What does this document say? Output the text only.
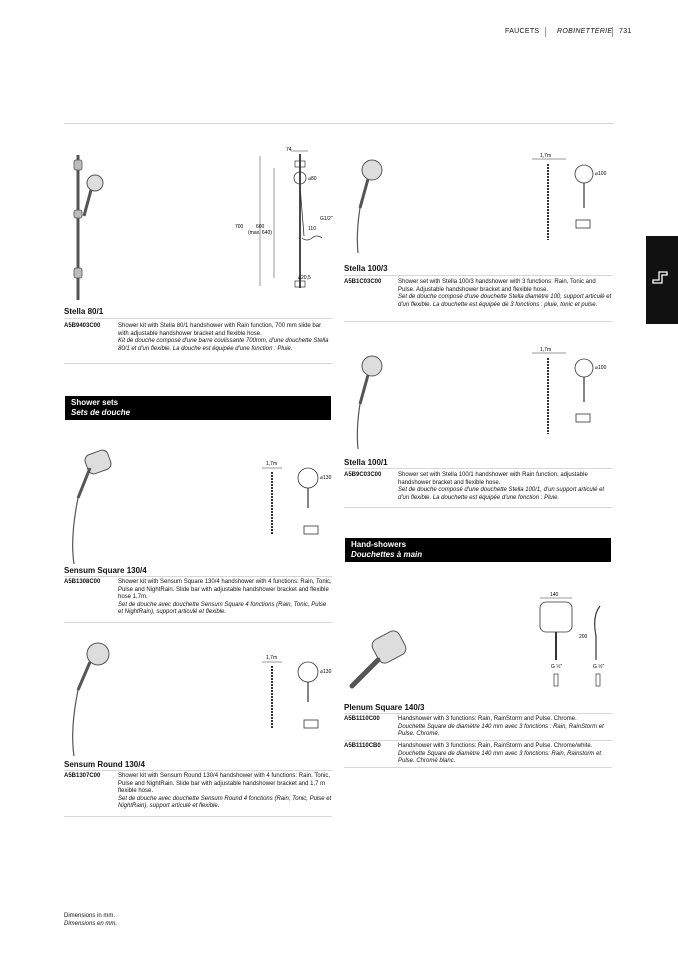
FAUCETS	ROBINETTERIE 731
74
⌀80
700	600
(max. 640)
G1/2"
110
⌀20,5
Stella 80/1
A5B9403C00	Shower kit with Stella 80/1 handshower with Rain function, 700 mm slide bar with adjustable handshower bracket and flexible hose.
Kit de douche composé d'une barre coulissante 700mm, d'une douchette Stella 80/1 et d'un flexible. La douche est équipée d'une fonction : Pluie.
Shower sets
Sets de douche
1,7m
⌀130
Sensum Square 130/4
A5B1308C00	Shower kit with Sensum Square 130/4 handshower with 4 functions: Rain, Tonic, Pulse and NightRain. Slide bar with adjustable handshower bracket and flexible hose 1,7m.
Set de douche avec douchette Sensum Square 4 fonctions (Rain, Tonic, Pulse et NightRain), support articulé et flexible.
1,7m
⌀130
Sensum Round 130/4
A5B1307C00	Shower kit with Sensum Round 130/4 handshower with 4 functions: Rain, Tonic, Pulse and NightRain. Slide bar with adjustable handshower bracket and 1,7 m flexible hose.
Set de douche avec douchette Sensum Round 4 fonctions (Rain, Tonic, Pulse et NightRain), support articulé et flexible.
1,7m
⌀100
Stella 100/3
A5B1C03C00	Shower set with Stella 100/3 handshower with 3 functions: Rain, Tonic and Pulse. Adjustable handshower bracket and flexible hose.
Set de douche composé d'une douchette Stella diamètre 100, support articulé et d'un flexible. La douchette est équipée de 3 fonctions : pluie, tonic et pulse.
1,7m
⌀100
Stella 100/1
A5B9C03C00	Shower set with Stella 100/1 handshower with Rain function, adjustable handshower bracket and flexible hose.
Set de douche composé d'une douchette Stella 100/1, d'un support articulé et d'un flexible. La douchette est équipée d'une fonction : Pluie.
Hand-showers
Douchettes à main
140
200
G ½"	G ½"
Plenum Square 140/3
A5B1110C00	Handshower with 3 functions: Rain, RainStorm and Pulse. Chrome.
Douchette Square de diamètre 140 mm avec 3 fonctions : Rain, RainStorm et Pulse. Chromé.
A5B1110CB0	Handshower with 3 functions: Rain, RainStorm and Pulse. Chrome/white.
Douchette Square de diamètre 140 mm avec 3 fonctions: Rain, Rainstorm et Pulse. Chromé blanc.
Dimensions in mm.
Dimensions en mm.
